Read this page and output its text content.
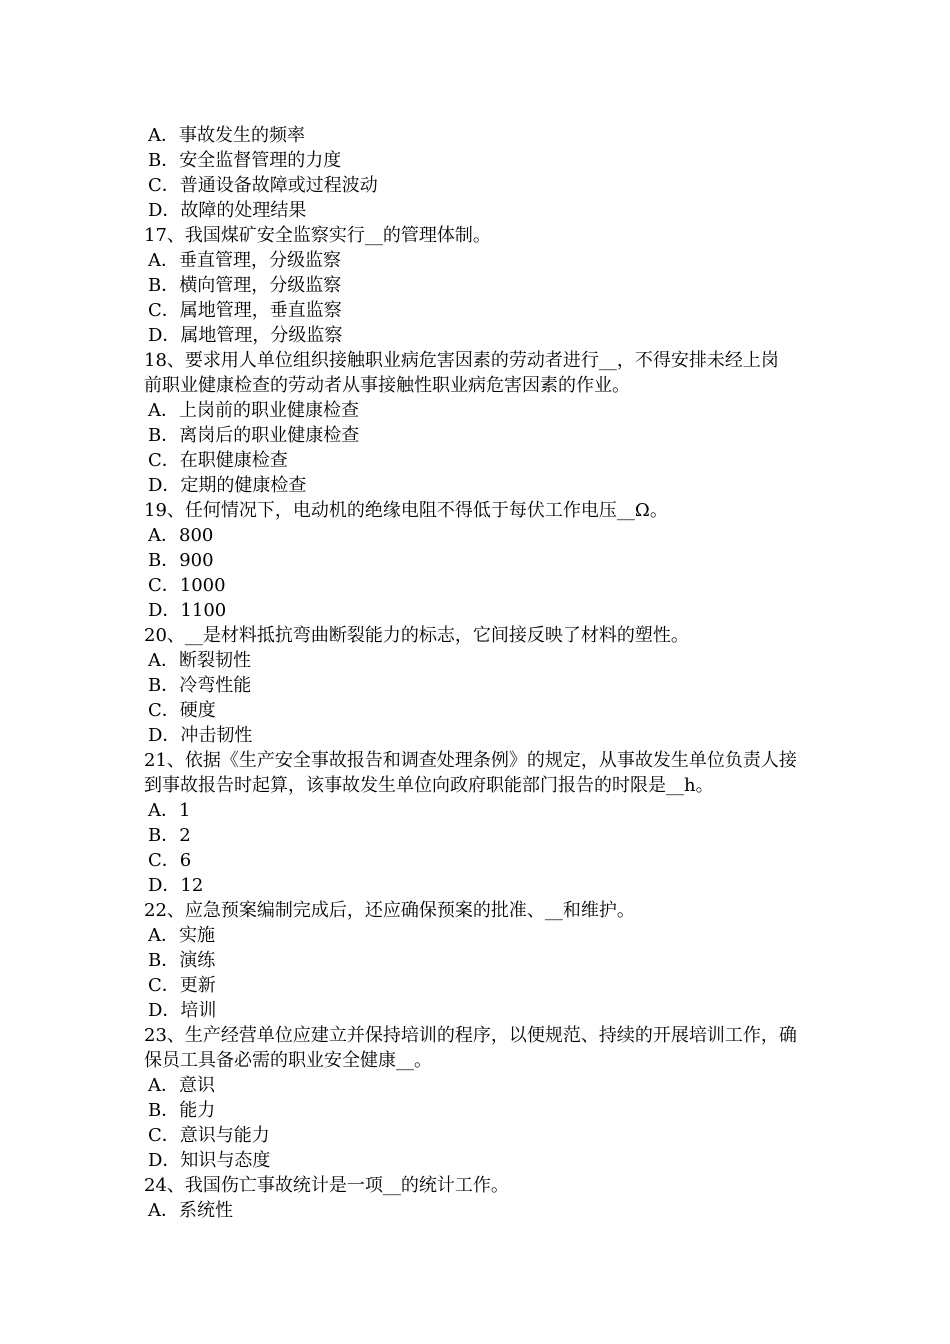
A．事故发生的频率
B．安全监督管理的力度
C．普通设备故障或过程波动
D．故障的处理结果
17、我国煤矿安全监察实行__的管理体制。
A．垂直管理，分级监察
B．横向管理，分级监察
C．属地管理，垂直监察
D．属地管理，分级监察
18、要求用人单位组织接触职业病危害因素的劳动者进行__，不得安排未经上岗
前职业健康检查的劳动者从事接触性职业病危害因素的作业。
A．上岗前的职业健康检查
B．离岗后的职业健康检查
C．在职健康检查
D．定期的健康检查
19、任何情况下，电动机的绝缘电阻不得低于每伏工作电压__Ω。
A．800
B．900
C．1000
D．1100
20、__是材料抵抗弯曲断裂能力的标志，它间接反映了材料的塑性。
A．断裂韧性
B．冷弯性能
C．硬度
D．冲击韧性
21、依据《生产安全事故报告和调查处理条例》的规定，从事故发生单位负责人接
到事故报告时起算，该事故发生单位向政府职能部门报告的时限是__h。
A．1
B．2
C．6
D．12
22、应急预案编制完成后，还应确保预案的批准、__和维护。
A．实施
B．演练
C．更新
D．培训
23、生产经营单位应建立并保持培训的程序，以便规范、持续的开展培训工作，确
保员工具备必需的职业安全健康__。
A．意识
B．能力
C．意识与能力
D．知识与态度
24、我国伤亡事故统计是一项__的统计工作。
A．系统性
